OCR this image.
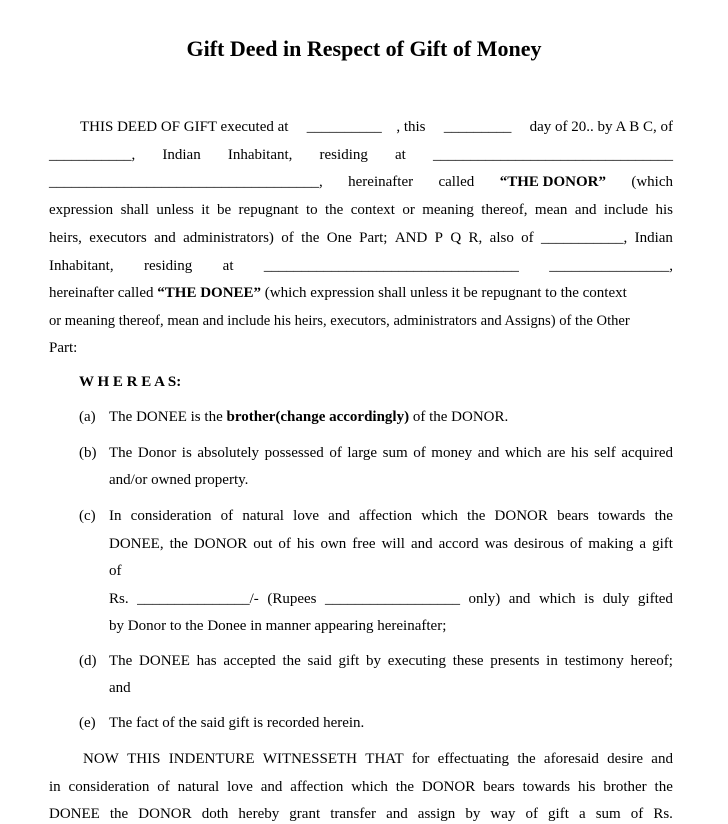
Gift Deed in Respect of Gift of Money
THIS DEED OF GIFT executed at __________ , this _________ day of 20.. by A B C, of
___________, Indian Inhabitant, residing at ________________________________
____________________________________, hereinafter called “THE DONOR” (which
expression shall unless it be repugnant to the context or meaning thereof, mean and include his
heirs, executors and administrators) of the One Part; AND P Q R, also of ___________, Indian
Inhabitant, residing at __________________________________ ________________,
hereinafter called “THE DONEE” (which expression shall unless it be repugnant to the context
or meaning thereof, mean and include his heirs, executors, administrators and Assigns) of the Other
Part:
W H E R E A S:
(a) The DONEE is the brother(change accordingly) of the DONOR.
(b) The Donor is absolutely possessed of large sum of money and which are his self acquired
and/or owned property.
(c) In consideration of natural love and affection which the DONOR bears towards the
DONEE, the DONOR out of his own free will and accord was desirous of making a gift
of
Rs. _______________/- (Rupees __________________ only) and which is duly gifted
by Donor to the Donee in manner appearing hereinafter;
(d) The DONEE has accepted the said gift by executing these presents in testimony hereof;
and
(e) The fact of the said gift is recorded herein.
NOW THIS INDENTURE WITNESSETH THAT for effectuating the aforesaid desire and
in consideration of natural love and affection which the DONOR bears towards his brother the
DONEE the DONOR doth hereby grant transfer and assign by way of gift a sum of Rs.
